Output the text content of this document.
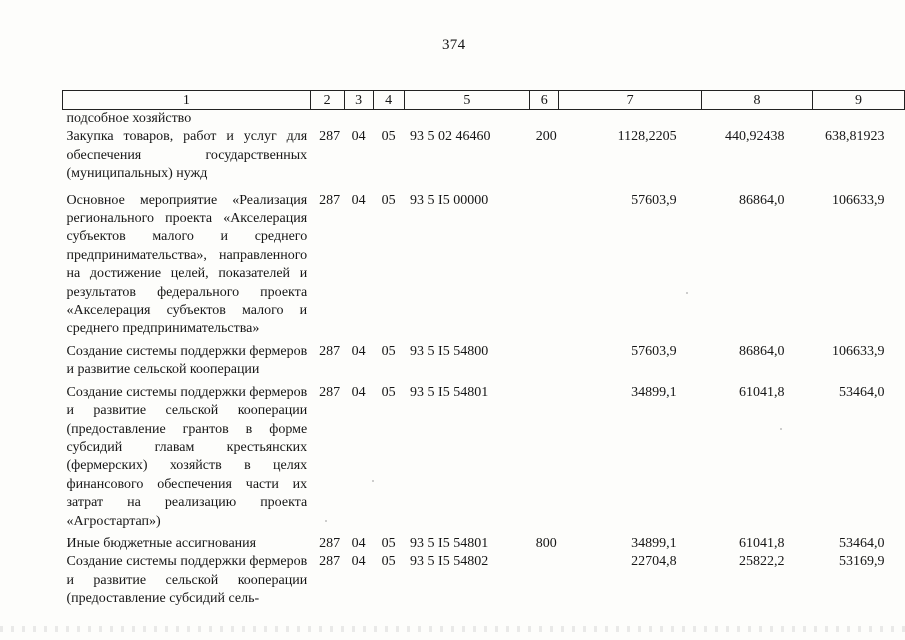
374
1	2	3	4	5	6	7	8	9
подсобное хозяйство								
Закупка товаров, работ и услуг для обеспечения государственных (муниципальных) нужд	287	04	05	93 5 02 46460	200	1128,2205	440,92438	638,81923
Основное мероприятие «Реализация регионального проекта «Акселерация субъектов малого и среднего предпринимательства», направленного на достижение целей, показателей и результатов федерального проекта «Акселерация субъектов малого и среднего предпринимательства»	287	04	05	93 5 I5 00000		57603,9	86864,0	106633,9
Создание системы поддержки фермеров и развитие сельской кооперации	287	04	05	93 5 I5 54800		57603,9	86864,0	106633,9
Создание системы поддержки фермеров и развитие сельской кооперации (предоставление грантов в форме субсидий главам крестьянских (фермерских) хозяйств в целях финансового обеспечения части их затрат на реализацию проекта «Агростартап»)	287	04	05	93 5 I5 54801		34899,1	61041,8	53464,0
Иные бюджетные ассигнования	287	04	05	93 5 I5 54801	800	34899,1	61041,8	53464,0
Создание системы поддержки фермеров и развитие сельской кооперации (предоставление субсидий сель-	287	04	05	93 5 I5 54802		22704,8	25822,2	53169,9
